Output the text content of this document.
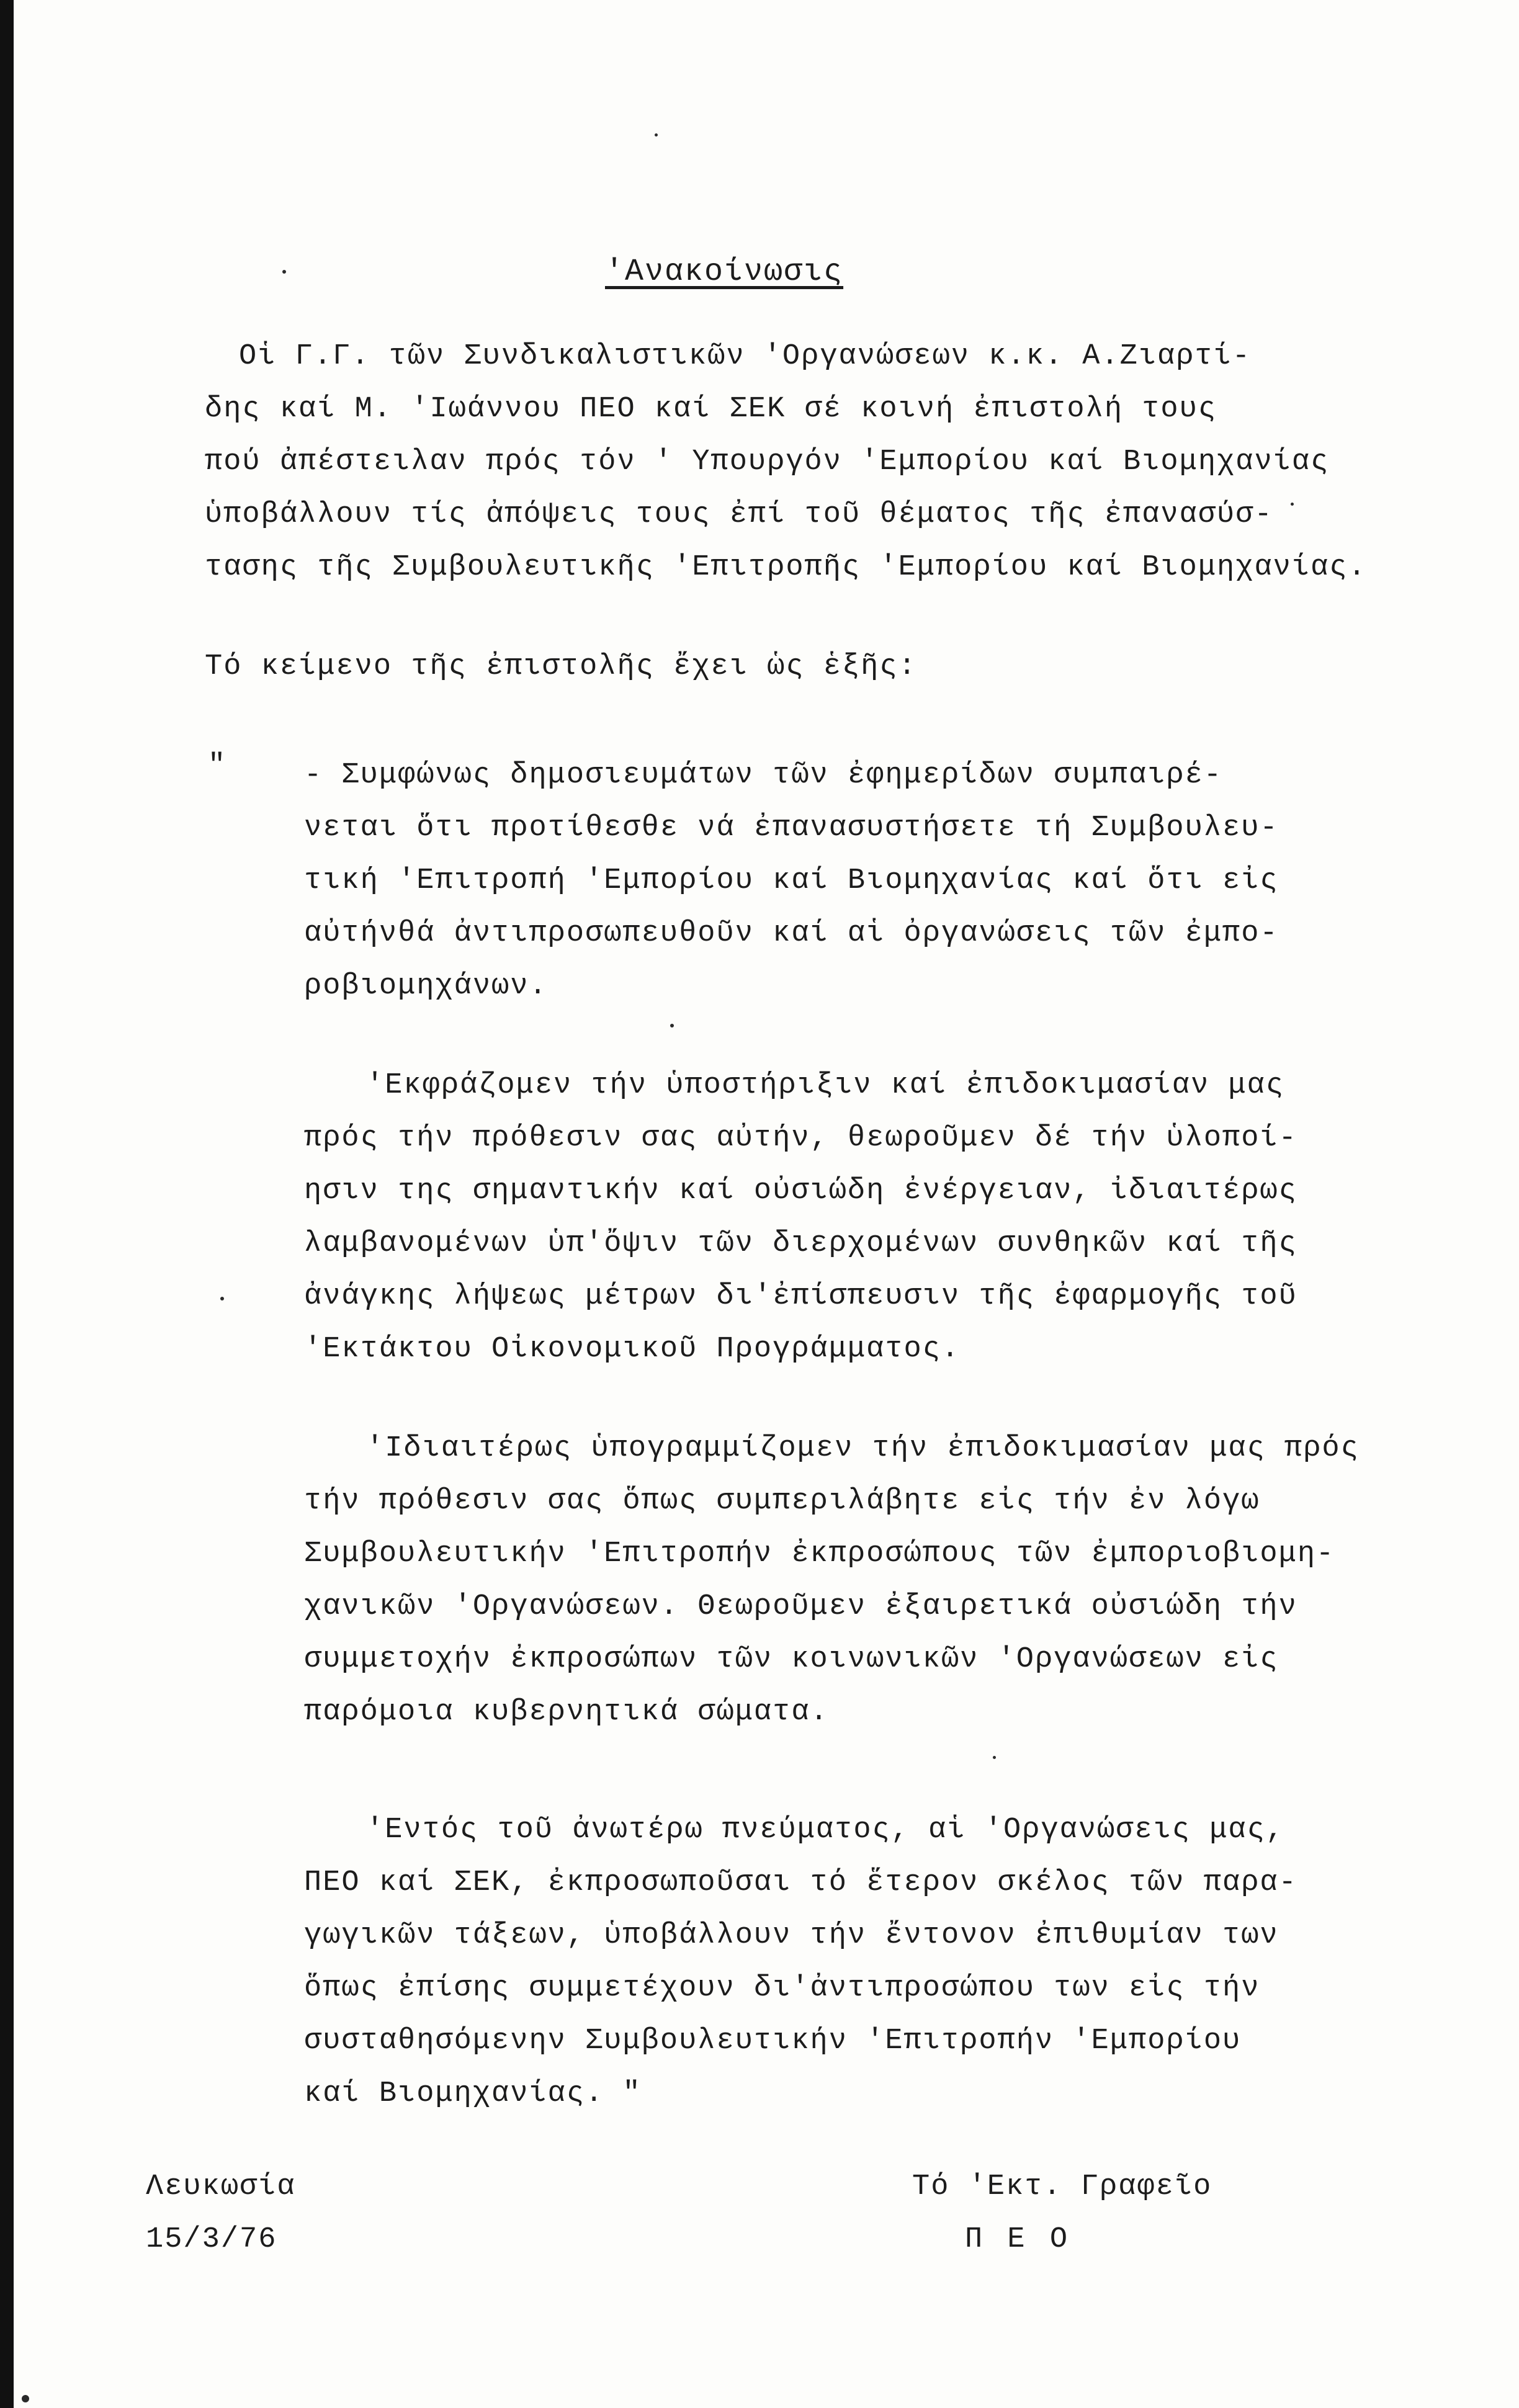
'Ανακοίνωσις
Οἱ Γ.Γ. τῶν Συνδικαλιστικῶν 'Οργανώσεων κ.κ. Α.Ζιαρτί-
δης καί Μ. 'Ιωάννου ΠΕΟ καί ΣΕΚ σέ κοινή ἐπιστολή τους
πού ἀπέστειλαν πρός τόν ' Υπουργόν 'Εμπορίου καί Βιομηχανίας
ὑποβάλλουν τίς ἀπόψεις τους ἐπί τοῦ θέματος τῆς ἐπανασύσ-
τασης τῆς Συμβουλευτικῆς 'Επιτροπῆς 'Εμπορίου καί Βιομηχανίας.
Τό κείμενο τῆς ἐπιστολῆς ἔχει ὡς ἑξῆς:
"	- Συμφώνως δημοσιευμάτων τῶν ἐφημερίδων συμπαιρέ-
νεται ὅτι προτίθεσθε νά ἐπανασυστήσετε τή Συμβουλευ-
τική 'Επιτροπή 'Εμπορίου καί Βιομηχανίας καί ὅτι εἰς
αὐτήνθά ἀντιπροσωπευθοῦν καί αἱ ὀργανώσεις τῶν ἐμπο-
ροβιομηχάνων.
'Εκφράζομεν τήν ὑποστήριξιν καί ἐπιδοκιμασίαν μας
πρός τήν πρόθεσιν σας αὐτήν, θεωροῦμεν δέ τήν ὑλοποί-
ησιν της σημαντικήν καί οὐσιώδη ἐνέργειαν, ἰδιαιτέρως
λαμβανομένων ὑπ'ὄψιν τῶν διερχομένων συνθηκῶν καί τῆς
ἀνάγκης λήψεως μέτρων δι'ἐπίσπευσιν τῆς ἐφαρμογῆς τοῦ
'Εκτάκτου Οἰκονομικοῦ Προγράμματος.
'Ιδιαιτέρως ὑπογραμμίζομεν τήν ἐπιδοκιμασίαν μας πρός
τήν πρόθεσιν σας ὅπως συμπεριλάβητε εἰς τήν ἐν λόγω
Συμβουλευτικήν 'Επιτροπήν ἐκπροσώπους τῶν ἐμποριοβιομη-
χανικῶν 'Οργανώσεων. Θεωροῦμεν ἐξαιρετικά οὐσιώδη τήν
συμμετοχήν ἐκπροσώπων τῶν κοινωνικῶν 'Οργανώσεων εἰς
παρόμοια κυβερνητικά σώματα.
'Εντός τοῦ ἀνωτέρω πνεύματος, αἱ 'Οργανώσεις μας,
ΠΕΟ καί ΣΕΚ, ἐκπροσωποῦσαι τό ἕτερον σκέλος τῶν παρα-
γωγικῶν τάξεων, ὑποβάλλουν τήν ἔντονον ἐπιθυμίαν των
ὅπως ἐπίσης συμμετέχουν δι'ἀντιπροσώπου των εἰς τήν
συσταθησόμενην Συμβουλευτικήν 'Επιτροπήν 'Εμπορίου
καί Βιομηχανίας. "
Λευκωσία
15/3/76
Τό 'Εκτ. Γραφεῖο
Π Ε Ο
